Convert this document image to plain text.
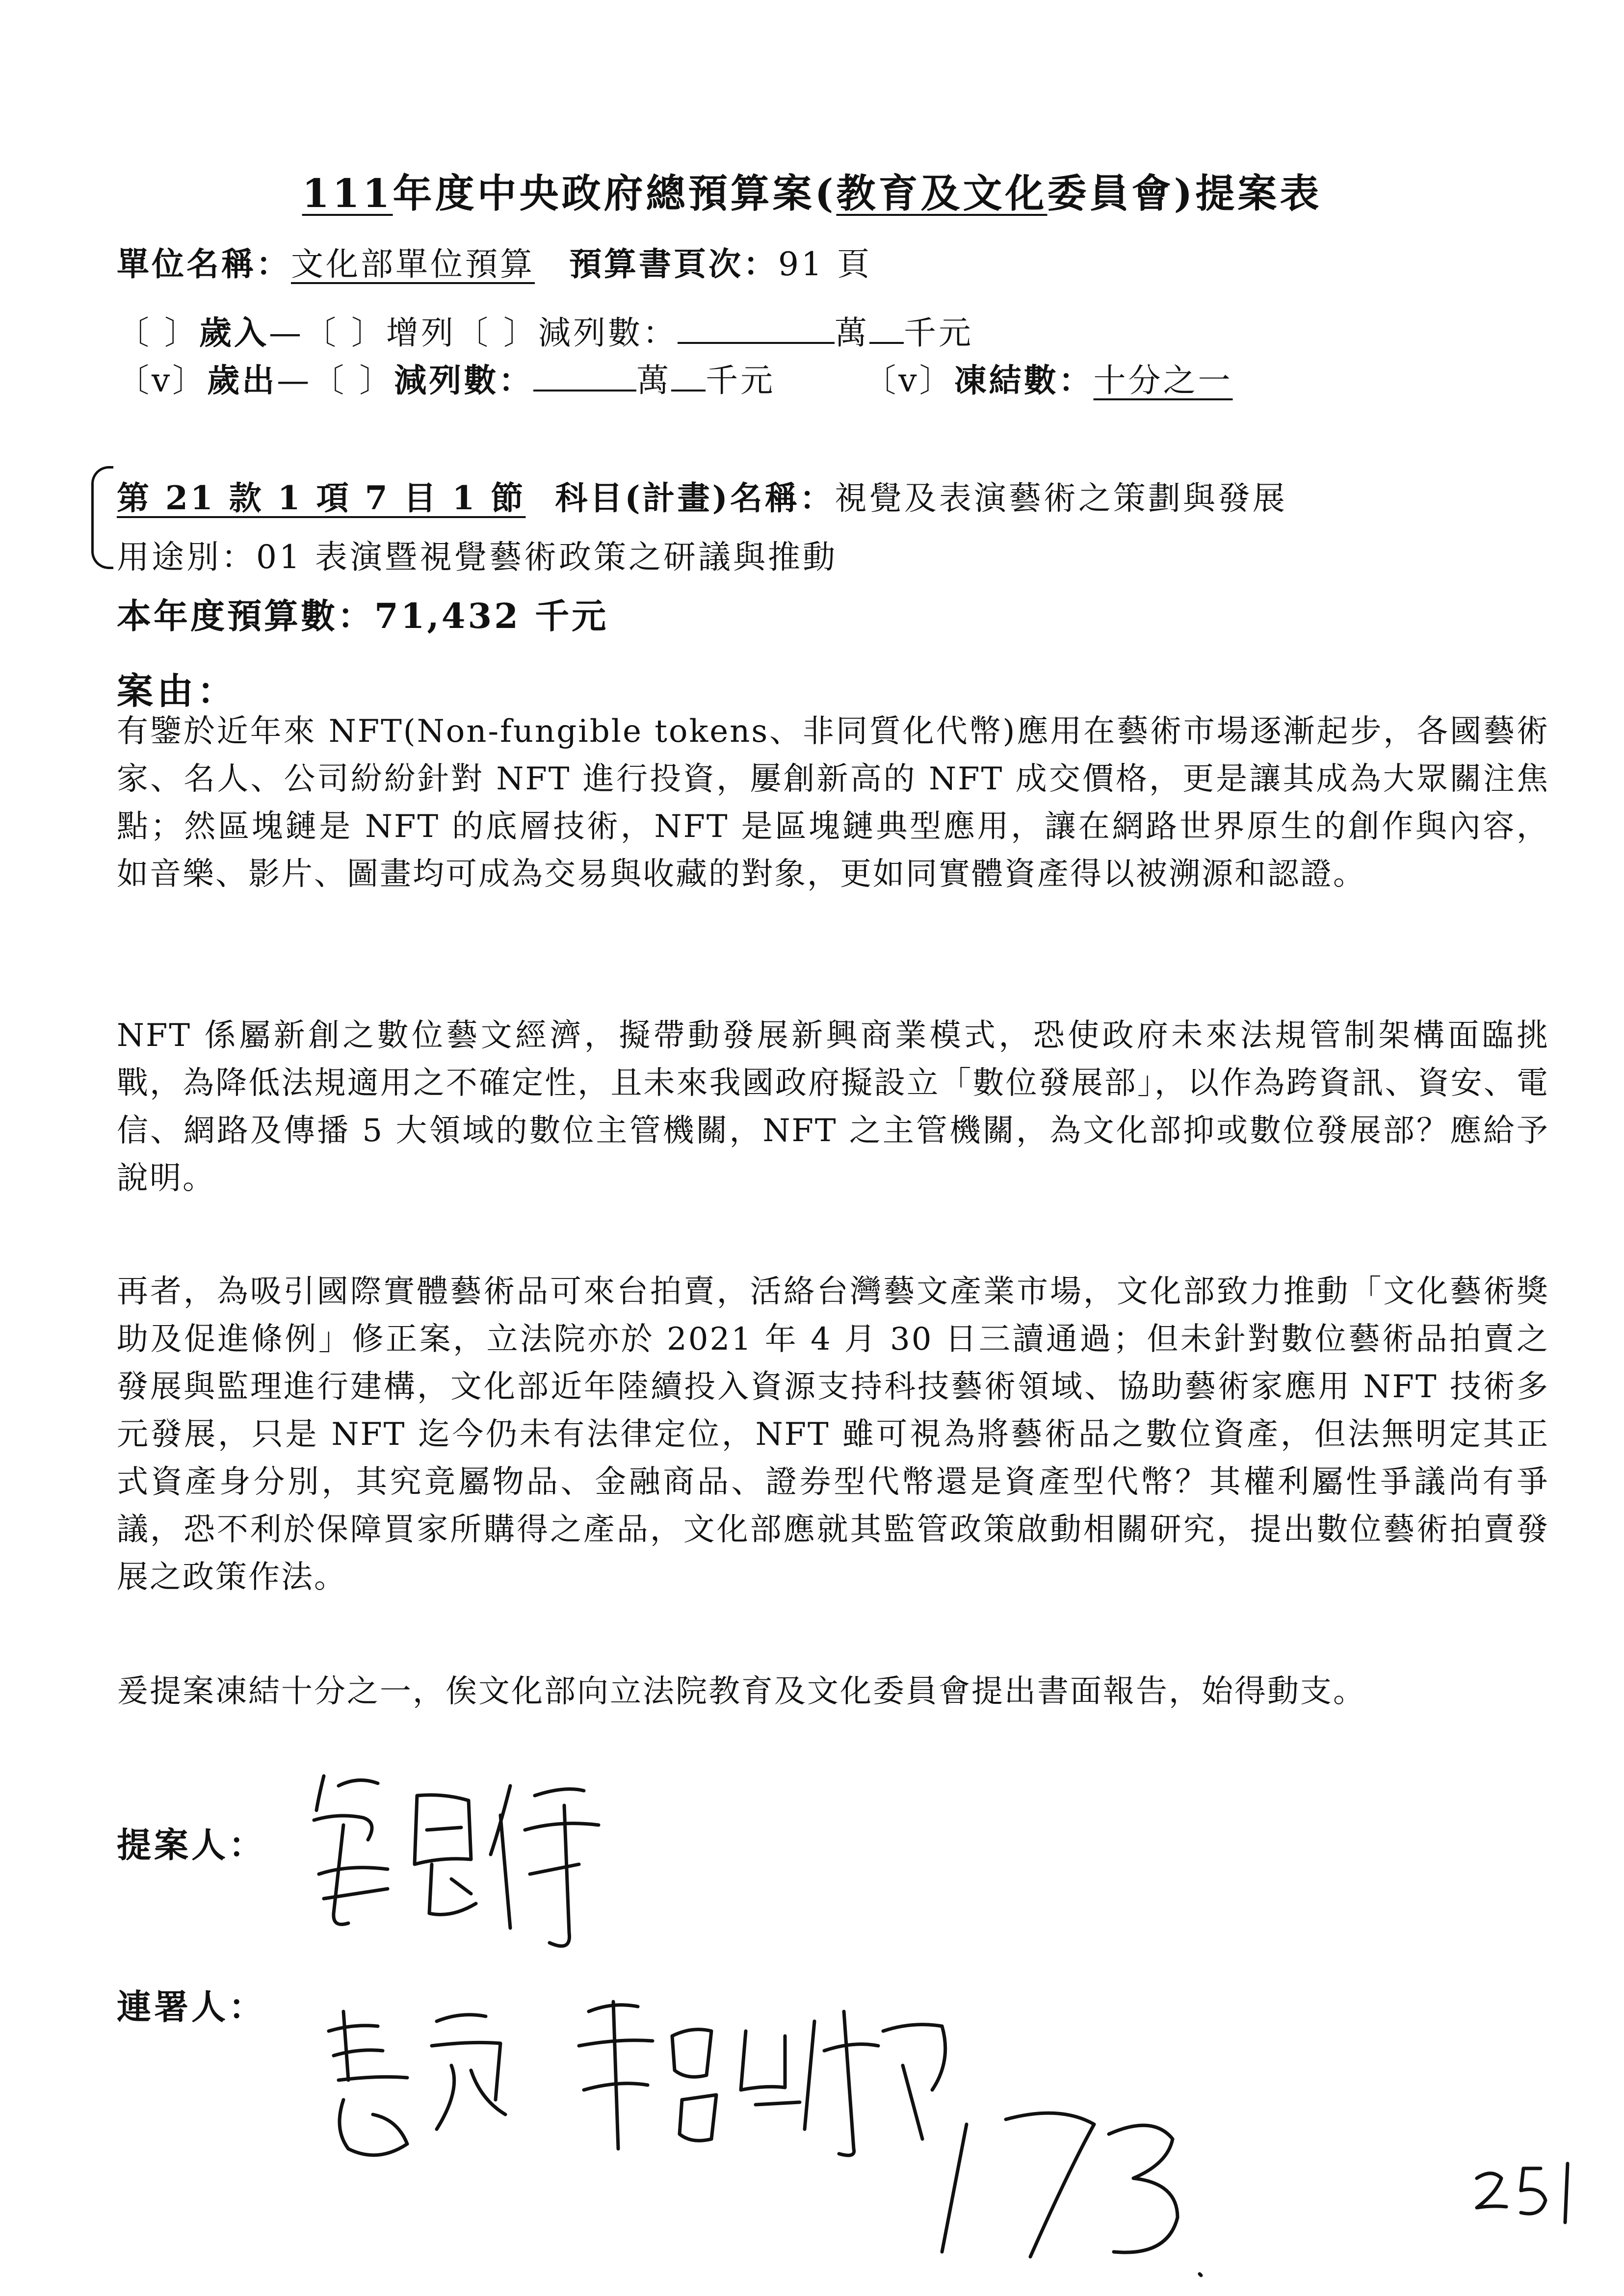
111年度中央政府總預算案(教育及文化委員會)提案表
單位名稱：文化部單位預算 預算書頁次：91 頁
〔 〕歲入—〔 〕增列〔 〕減列數：	萬 千元
〔v〕歲出—〔 〕減列數：	萬 千元	〔v〕凍結數：十分之一
第 21 款 1 項 7 目 1 節 科目(計畫)名稱：視覺及表演藝術之策劃與發展
用途別：01 表演暨視覺藝術政策之研議與推動
本年度預算數：71,432 千元
案由：
有鑒於近年來 NFT(Non-fungible tokens、非同質化代幣)應用在藝術市場逐漸起步，各國藝術家、名人、公司紛紛針對 NFT 進行投資，屢創新高的 NFT 成交價格，更是讓其成為大眾關注焦點；然區塊鏈是 NFT 的底層技術，NFT 是區塊鏈典型應用，讓在網路世界原生的創作與內容，如音樂、影片、圖畫均可成為交易與收藏的對象，更如同實體資產得以被溯源和認證。
NFT 係屬新創之數位藝文經濟，擬帶動發展新興商業模式，恐使政府未來法規管制架構面臨挑戰，為降低法規適用之不確定性，且未來我國政府擬設立「數位發展部」，以作為跨資訊、資安、電信、網路及傳播 5 大領域的數位主管機關，NFT 之主管機關，為文化部抑或數位發展部？應給予說明。
再者，為吸引國際實體藝術品可來台拍賣，活絡台灣藝文產業市場，文化部致力推動「文化藝術獎助及促進條例」修正案，立法院亦於 2021 年 4 月 30 日三讀通過；但未針對數位藝術品拍賣之發展與監理進行建構，文化部近年陸續投入資源支持科技藝術領域、協助藝術家應用 NFT 技術多元發展，只是 NFT 迄今仍未有法律定位，NFT 雖可視為將藝術品之數位資產，但法無明定其正式資產身分別，其究竟屬物品、金融商品、證券型代幣還是資產型代幣？其權利屬性爭議尚有爭議，恐不利於保障買家所購得之產品，文化部應就其監管政策啟動相關研究，提出數位藝術拍賣發展之政策作法。
爰提案凍結十分之一，俟文化部向立法院教育及文化委員會提出書面報告，始得動支。
提案人：
連署人：
